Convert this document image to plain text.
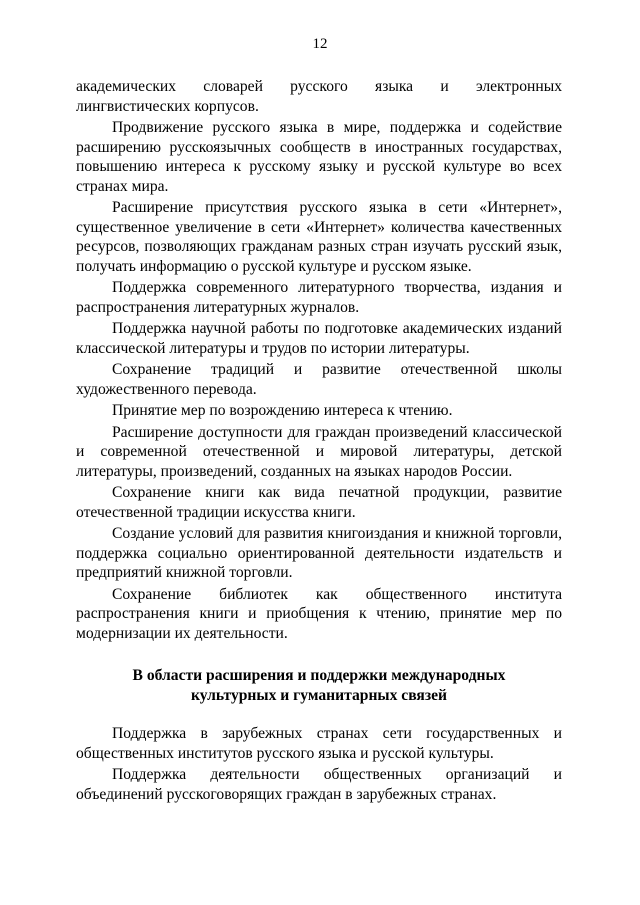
12

академических словарей русского языка и электронных лингвистических корпусов.

Продвижение русского языка в мире, поддержка и содействие расширению русскоязычных сообществ в иностранных государствах, повышению интереса к русскому языку и русской культуре во всех странах мира.

Расширение присутствия русского языка в сети «Интернет», существенное увеличение в сети «Интернет» количества качественных ресурсов, позволяющих гражданам разных стран изучать русский язык, получать информацию о русской культуре и русском языке.

Поддержка современного литературного творчества, издания и распространения литературных журналов.

Поддержка научной работы по подготовке академических изданий классической литературы и трудов по истории литературы.

Сохранение традиций и развитие отечественной школы художественного перевода.

Принятие мер по возрождению интереса к чтению.

Расширение доступности для граждан произведений классической и современной отечественной и мировой литературы, детской литературы, произведений, созданных на языках народов России.

Сохранение книги как вида печатной продукции, развитие отечественной традиции искусства книги.

Создание условий для развития книгоиздания и книжной торговли, поддержка социально ориентированной деятельности издательств и предприятий книжной торговли.

Сохранение библиотек как общественного института распространения книги и приобщения к чтению, принятие мер по модернизации их деятельности.

В области расширения и поддержки международных
культурных и гуманитарных связей

Поддержка в зарубежных странах сети государственных и общественных институтов русского языка и русской культуры.

Поддержка деятельности общественных организаций и объединений русскоговорящих граждан в зарубежных странах.
